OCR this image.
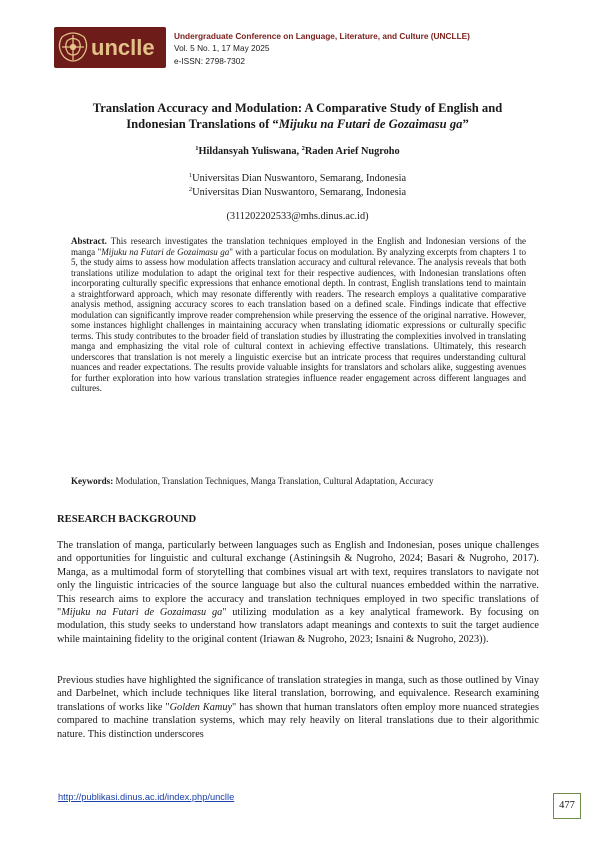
unclle Undergraduate Conference on Language, Literature, and Culture (UNCLLE)
Vol. 5 No. 1, 17 May 2025
e-ISSN: 2798-7302
Translation Accuracy and Modulation: A Comparative Study of English and
Indonesian Translations of “Mijuku na Futari de Gozaimasu ga”
$^1$Hildansyah Yuliswana, $^2$Raden Arief Nugroho
$^1$Universitas Dian Nuswantoro, Semarang, Indonesia
$^2$Universitas Dian Nuswantoro, Semarang, Indonesia
(311202202533@mhs.dinus.ac.id)
Abstract. This research investigates the translation techniques employed in the English and Indonesian versions of the manga "Mijuku na Futari de Gozaimasu ga" with a particular focus on modulation. By analyzing excerpts from chapters 1 to 5, the study aims to assess how modulation affects translation accuracy and cultural relevance. The analysis reveals that both translations utilize modulation to adapt the original text for their respective audiences, with Indonesian translations often incorporating culturally specific expressions that enhance emotional depth. In contrast, English translations tend to maintain a straightforward approach, which may resonate differently with readers. The research employs a qualitative comparative analysis method, assigning accuracy scores to each translation based on a defined scale. Findings indicate that effective modulation can significantly improve reader comprehension while preserving the essence of the original narrative. However, some instances highlight challenges in maintaining accuracy when translating idiomatic expressions or culturally specific terms. This study contributes to the broader field of translation studies by illustrating the complexities involved in translating manga and emphasizing the vital role of cultural context in achieving effective translations. Ultimately, this research underscores that translation is not merely a linguistic exercise but an intricate process that requires understanding cultural nuances and reader expectations. The results provide valuable insights for translators and scholars alike, suggesting avenues for further exploration into how various translation strategies influence reader engagement across different languages and cultures.
Keywords: Modulation, Translation Techniques, Manga Translation, Cultural Adaptation, Accuracy
RESEARCH BACKGROUND
The translation of manga, particularly between languages such as English and Indonesian, poses unique challenges and opportunities for linguistic and cultural exchange (Astiningsih & Nugroho, 2024; Basari & Nugroho, 2017). Manga, as a multimodal form of storytelling that combines visual art with text, requires translators to navigate not only the linguistic intricacies of the source language but also the cultural nuances embedded within the narrative. This research aims to explore the accuracy and translation techniques employed in two specific translations of "Mijuku na Futari de Gozaimasu ga" utilizing modulation as a key analytical framework. By focusing on modulation, this study seeks to understand how translators adapt meanings and contexts to suit the target audience while maintaining fidelity to the original content (Iriawan & Nugroho, 2023; Isnaini & Nugroho, 2023)).
Previous studies have highlighted the significance of translation strategies in manga, such as those outlined by Vinay and Darbelnet, which include techniques like literal translation, borrowing, and equivalence. Research examining translations of works like "Golden Kamuy" has shown that human translators often employ more nuanced strategies compared to machine translation systems, which may rely heavily on literal translations due to their algorithmic nature. This distinction underscores
http://publikasi.dinus.ac.id/index.php/unclle
477
